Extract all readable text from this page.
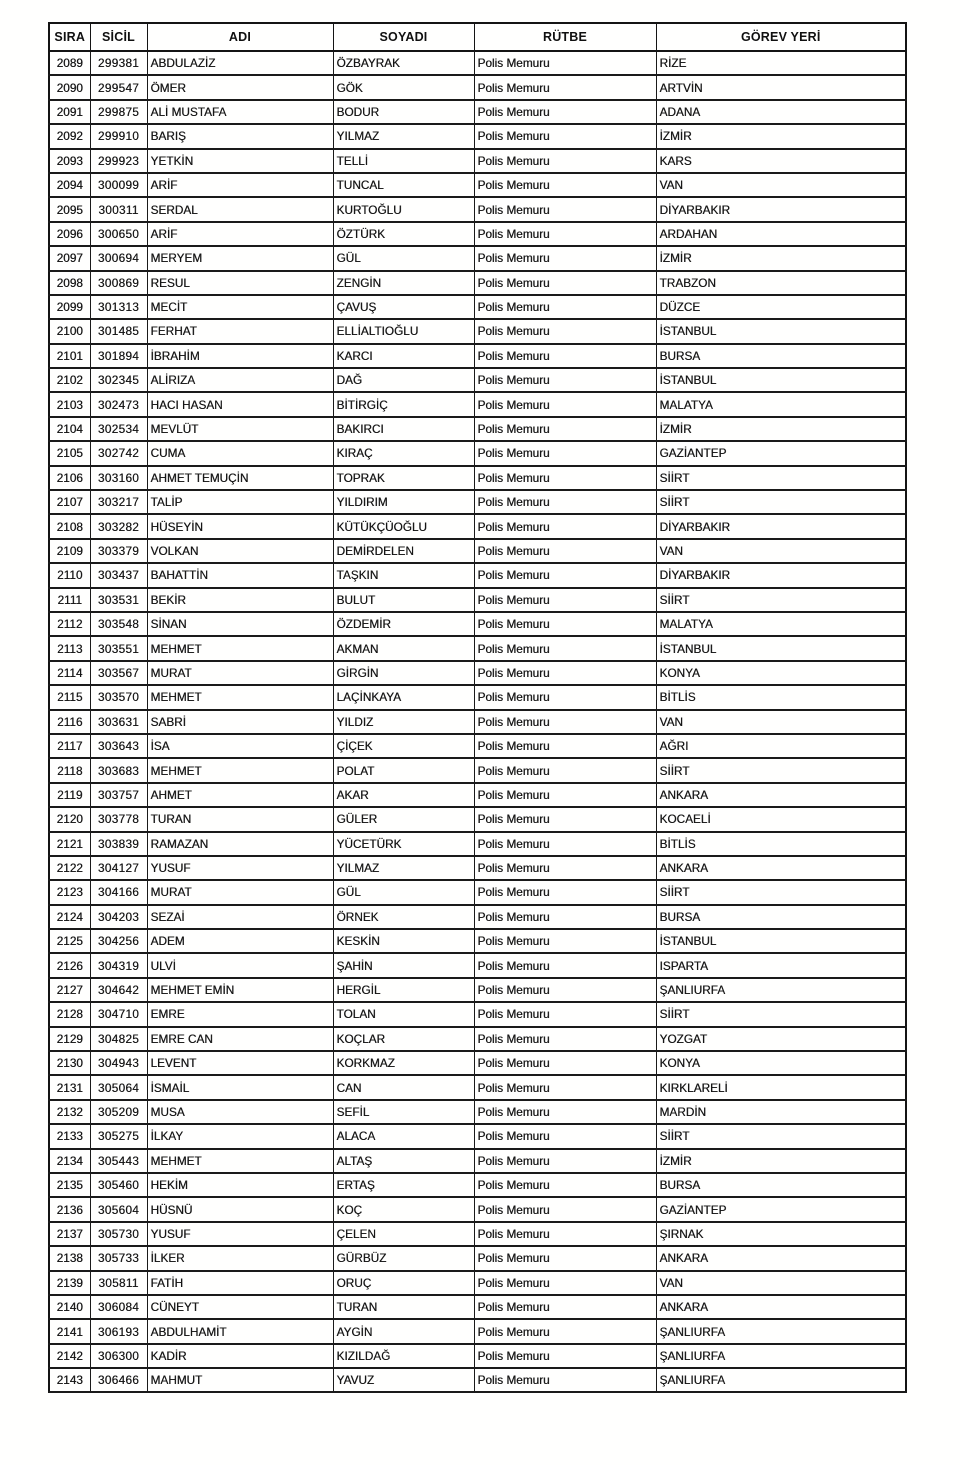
SIRA	SİCİL	ADI	SOYADI	RÜTBE	GÖREV YERİ
2089	299381	ABDULAZİZ	ÖZBAYRAK	Polis Memuru	RİZE
2090	299547	ÖMER	GÖK	Polis Memuru	ARTVİN
2091	299875	ALİ MUSTAFA	BODUR	Polis Memuru	ADANA
2092	299910	BARIŞ	YILMAZ	Polis Memuru	İZMİR
2093	299923	YETKİN	TELLİ	Polis Memuru	KARS
2094	300099	ARİF	TUNCAL	Polis Memuru	VAN
2095	300311	SERDAL	KURTOĞLU	Polis Memuru	DİYARBAKIR
2096	300650	ARİF	ÖZTÜRK	Polis Memuru	ARDAHAN
2097	300694	MERYEM	GÜL	Polis Memuru	İZMİR
2098	300869	RESUL	ZENGİN	Polis Memuru	TRABZON
2099	301313	MECİT	ÇAVUŞ	Polis Memuru	DÜZCE
2100	301485	FERHAT	ELLİALTIOĞLU	Polis Memuru	İSTANBUL
2101	301894	İBRAHİM	KARCI	Polis Memuru	BURSA
2102	302345	ALİRIZA	DAĞ	Polis Memuru	İSTANBUL
2103	302473	HACI HASAN	BİTİRGİÇ	Polis Memuru	MALATYA
2104	302534	MEVLÜT	BAKIRCI	Polis Memuru	İZMİR
2105	302742	CUMA	KIRAÇ	Polis Memuru	GAZİANTEP
2106	303160	AHMET TEMUÇİN	TOPRAK	Polis Memuru	SİİRT
2107	303217	TALİP	YILDIRIM	Polis Memuru	SİİRT
2108	303282	HÜSEYİN	KÜTÜKÇÜOĞLU	Polis Memuru	DİYARBAKIR
2109	303379	VOLKAN	DEMİRDELEN	Polis Memuru	VAN
2110	303437	BAHATTİN	TAŞKIN	Polis Memuru	DİYARBAKIR
2111	303531	BEKİR	BULUT	Polis Memuru	SİİRT
2112	303548	SİNAN	ÖZDEMİR	Polis Memuru	MALATYA
2113	303551	MEHMET	AKMAN	Polis Memuru	İSTANBUL
2114	303567	MURAT	GİRGİN	Polis Memuru	KONYA
2115	303570	MEHMET	LAÇİNKAYA	Polis Memuru	BİTLİS
2116	303631	SABRİ	YILDIZ	Polis Memuru	VAN
2117	303643	İSA	ÇİÇEK	Polis Memuru	AĞRI
2118	303683	MEHMET	POLAT	Polis Memuru	SİİRT
2119	303757	AHMET	AKAR	Polis Memuru	ANKARA
2120	303778	TURAN	GÜLER	Polis Memuru	KOCAELİ
2121	303839	RAMAZAN	YÜCETÜRK	Polis Memuru	BİTLİS
2122	304127	YUSUF	YILMAZ	Polis Memuru	ANKARA
2123	304166	MURAT	GÜL	Polis Memuru	SİİRT
2124	304203	SEZAİ	ÖRNEK	Polis Memuru	BURSA
2125	304256	ADEM	KESKİN	Polis Memuru	İSTANBUL
2126	304319	ULVİ	ŞAHİN	Polis Memuru	ISPARTA
2127	304642	MEHMET EMİN	HERGİL	Polis Memuru	ŞANLIURFA
2128	304710	EMRE	TOLAN	Polis Memuru	SİİRT
2129	304825	EMRE CAN	KOÇLAR	Polis Memuru	YOZGAT
2130	304943	LEVENT	KORKMAZ	Polis Memuru	KONYA
2131	305064	İSMAİL	CAN	Polis Memuru	KIRKLARELİ
2132	305209	MUSA	SEFİL	Polis Memuru	MARDİN
2133	305275	İLKAY	ALACA	Polis Memuru	SİİRT
2134	305443	MEHMET	ALTAŞ	Polis Memuru	İZMİR
2135	305460	HEKİM	ERTAŞ	Polis Memuru	BURSA
2136	305604	HÜSNÜ	KOÇ	Polis Memuru	GAZİANTEP
2137	305730	YUSUF	ÇELEN	Polis Memuru	ŞIRNAK
2138	305733	İLKER	GÜRBÜZ	Polis Memuru	ANKARA
2139	305811	FATİH	ORUÇ	Polis Memuru	VAN
2140	306084	CÜNEYT	TURAN	Polis Memuru	ANKARA
2141	306193	ABDULHAMİT	AYGİN	Polis Memuru	ŞANLIURFA
2142	306300	KADİR	KIZILDAĞ	Polis Memuru	ŞANLIURFA
2143	306466	MAHMUT	YAVUZ	Polis Memuru	ŞANLIURFA
